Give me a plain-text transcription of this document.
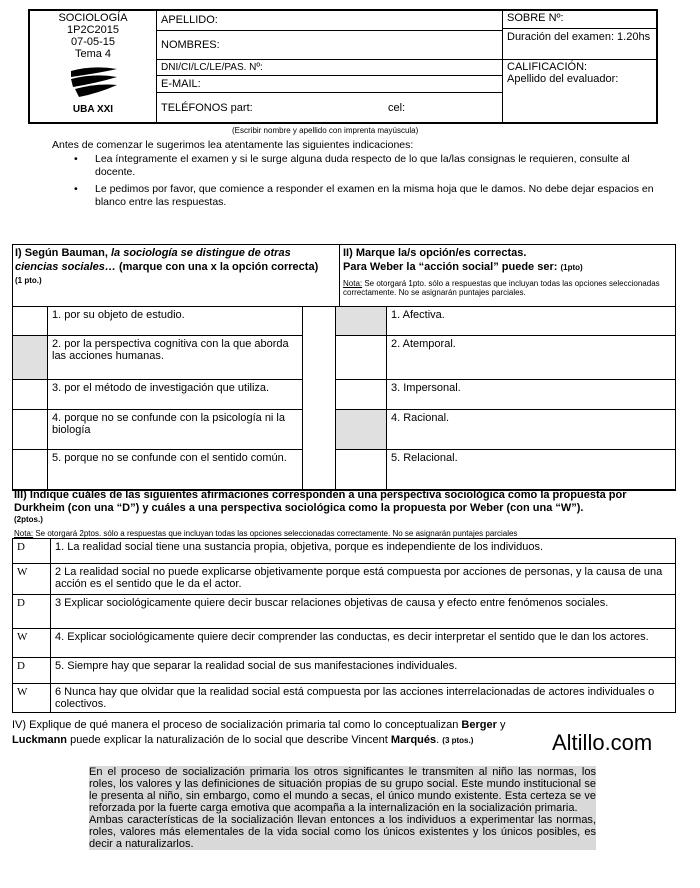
SOCIOLOGÍA
1P2C2015
07-05-15
Tema 4
UBA XXI
APELLIDO:
NOMBRES:
DNI/CI/LC/LE/PAS. Nº:
E-MAIL:
TELÉFONOS part:	cel:
SOBRE Nº:
Duración del examen: 1.20hs
CALIFICACIÓN:
Apellido del evaluador:
(Escribir nombre y apellido con imprenta mayúscula)
Antes de comenzar le sugerimos lea atentamente las siguientes indicaciones:
• Lea íntegramente el examen y si le surge alguna duda respecto de lo que la/las consignas le requieren, consulte al docente.
• Le pedimos por favor, que comience a responder el examen en la misma hoja que le damos. No debe dejar espacios en blanco entre las respuestas.
I) Según Bauman, la sociología se distingue de otras ciencias sociales… (marque con una x la opción correcta) (1 pto.)
II) Marque la/s opción/es correctas.
Para Weber la “acción social” puede ser: (1pto)
Nota: Se otorgará 1pto. sólo a respuestas que incluyan todas las opciones seleccionadas correctamente. No se asignarán puntajes parciales.
	1. por su objeto de estudio.			1. Afectiva.
	2. por la perspectiva cognitiva con la que aborda las acciones humanas.			2. Atemporal.
	3. por el método de investigación que utiliza.			3. Impersonal.
	4. porque no se confunde con la psicología ni la biología			4. Racional.
	5. porque no se confunde con el sentido común.			5. Relacional.
III) Indique cuáles de las siguientes afirmaciones corresponden a una perspectiva sociológica como la propuesta por Durkheim (con una “D”) y cuáles a una perspectiva sociológica como la propuesta por Weber (con una “W”).
(2ptos.)
Nota: Se otorgará 2ptos. sólo a respuestas que incluyan todas las opciones seleccionadas correctamente. No se asignarán puntajes parciales
D	1. La realidad social tiene una sustancia propia, objetiva, porque es independiente de los individuos.
W	2 La realidad social no puede explicarse objetivamente porque está compuesta por acciones de personas, y la causa de una acción es el sentido que le da el actor.
D	3 Explicar sociológicamente quiere decir buscar relaciones objetivas de causa y efecto entre fenómenos sociales.
W	4. Explicar sociológicamente quiere decir comprender las conductas, es decir interpretar el sentido que le dan los actores.
D	5. Siempre hay que separar la realidad social de sus manifestaciones individuales.
W	6 Nunca hay que olvidar que la realidad social está compuesta por las acciones interrelacionadas de actores individuales o colectivos.
IV) Explique de qué manera el proceso de socialización primaria tal como lo conceptualizan Berger y Luckmann puede explicar la naturalización de lo social que describe Vincent Marqués. (3 ptos.)	Altillo.com
En el proceso de socialización primaria los otros significantes le transmiten al niño las normas, los roles, los valores y las definiciones de situación propias de su grupo social. Este mundo institucional se le presenta al niño, sin embargo, como el mundo a secas, el único mundo existente. Esta certeza se ve reforzada por la fuerte carga emotiva que acompaña a la internalización en la socialización primaria.
Ambas características de la socialización llevan entonces a los individuos a experimentar las normas, roles, valores más elementales de la vida social como los únicos existentes y los únicos posibles, es decir a naturalizarlos.
